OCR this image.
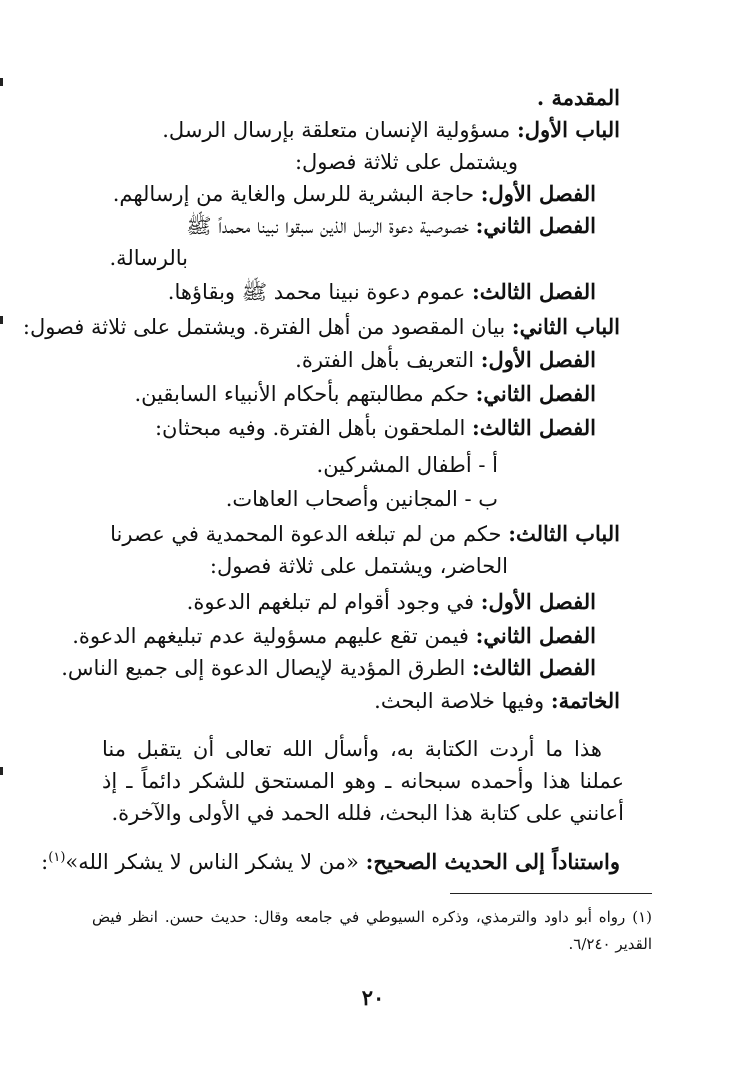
المقدمة .
الباب الأول: مسؤولية الإنسان متعلقة بإرسال الرسل.
ويشتمل على ثلاثة فصول:
الفصل الأول: حاجة البشرية للرسل والغاية من إرسالهم.
الفصل الثاني: خصوصية دعوة الرسل الذين سبقوا نبينا محمداً ﷺ
بالرسالة.
الفصل الثالث: عموم دعوة نبينا محمد ﷺ وبقاؤها.
الباب الثاني: بيان المقصود من أهل الفترة. ويشتمل على ثلاثة فصول:
الفصل الأول: التعريف بأهل الفترة.
الفصل الثاني: حكم مطالبتهم بأحكام الأنبياء السابقين.
الفصل الثالث: الملحقون بأهل الفترة. وفيه مبحثان:
أ - أطفال المشركين.
ب - المجانين وأصحاب العاهات.
الباب الثالث: حكم من لم تبلغه الدعوة المحمدية في عصرنا
الحاضر، ويشتمل على ثلاثة فصول:
الفصل الأول: في وجود أقوام لم تبلغهم الدعوة.
الفصل الثاني: فيمن تقع عليهم مسؤولية عدم تبليغهم الدعوة.
الفصل الثالث: الطرق المؤدية لإيصال الدعوة إلى جميع الناس.
الخاتمة: وفيها خلاصة البحث.
هذا ما أردت الكتابة به، وأسأل الله تعالى أن يتقبل منا عملنا هذا وأحمده سبحانه ـ وهو المستحق للشكر دائماً ـ إذ أعانني على كتابة هذا البحث، فلله الحمد في الأولى والآخرة.
واستناداً إلى الحديث الصحيح: «من لا يشكر الناس لا يشكر الله»$^{(١)}$:
(١) رواه أبو داود والترمذي، وذكره السيوطي في جامعه وقال: حديث حسن. انظر فيض القدير ٦/٢٤٠.
٢٠
